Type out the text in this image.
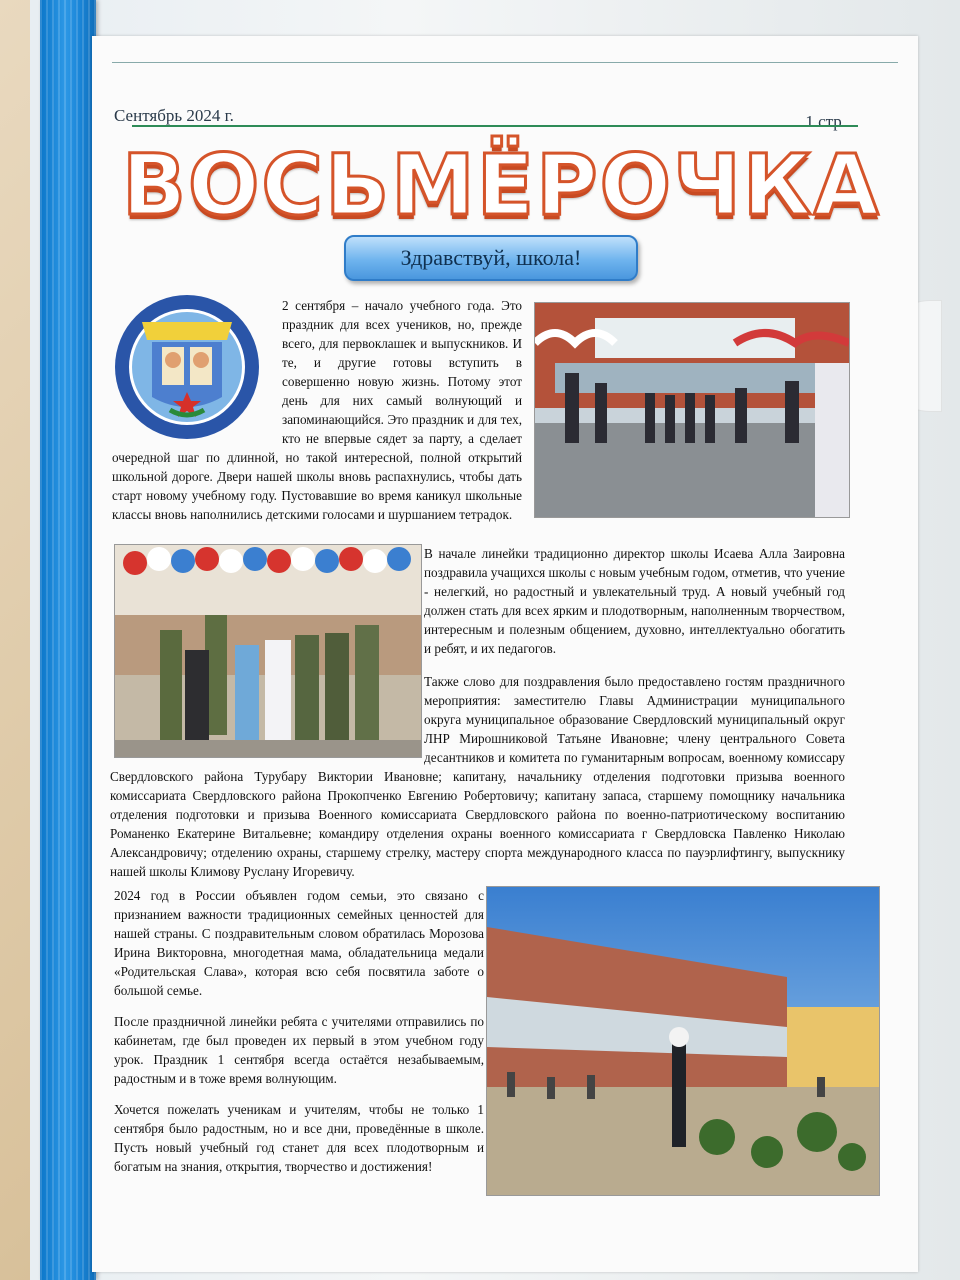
Сентябрь 2024 г.	1 стр.
ВОСЬМЁРОЧКА
Здравствуй, школа!

2 сентября – начало учебного года. Это праздник для всех учеников, но, прежде всего, для первоклашек и выпускников. И те, и другие готовы вступить в совершенно новую жизнь. Потому этот день для них самый волнующий и запоминающийся. Это праздник и для тех, кто не впервые сядет за парту, а сделает очередной шаг по длинной, но такой интересной, полной открытий школьной дороге. Двери нашей школы вновь распахнулись, чтобы дать старт новому учебному году. Пустовавшие во время каникул школьные классы вновь наполнились детскими голосами и шуршанием тетрадок.

В начале линейки традиционно директор школы Исаева Алла Заировна поздравила учащихся школы с новым учебным годом, отметив, что учение - нелегкий, но радостный и увлекательный труд. А новый учебный год должен стать для всех ярким и плодотворным, наполненным творчеством, интересным и полезным общением, духовно, интеллектуально обогатить и ребят, и их педагогов.

Также слово для поздравления было предоставлено гостям праздничного мероприятия: заместителю Главы Администрации муниципального округа муниципальное образование Свердловский муниципальный округ ЛНР Мирошниковой Татьяне Ивановне; члену центрального Совета десантников и комитета по гуманитарным вопросам, военному комиссару Свердловского района Турубару Виктории Ивановне; капитану, начальнику отделения подготовки призыва военного комиссариата Свердловского района Прокопченко Евгению Робертовичу; капитану запаса, старшему помощнику начальника отделения подготовки и призыва Военного комиссариата Свердловского района по военно-патриотическому воспитанию Романенко Екатерине Витальевне; командиру отделения охраны военного комиссариата г Свердловска Павленко Николаю Александровичу; отделению охраны, старшему стрелку, мастеру спорта международного класса по пауэрлифтингу, выпускнику нашей школы Климову Руслану Игоревичу.

2024 год в России объявлен годом семьи, это связано с признанием важности традиционных семейных ценностей для нашей страны. С поздравительным словом обратилась Морозова Ирина Викторовна, многодетная мама, обладательница медали «Родительская Слава», которая всю себя посвятила заботе о большой семье.

После праздничной линейки ребята с учителями отправились по кабинетам, где был проведен их первый в этом учебном году урок. Праздник 1 сентября всегда остаётся незабываемым, радостным и в тоже время волнующим.

Хочется пожелать ученикам и учителям, чтобы не только 1 сентября было радостным, но и все дни, проведённые в школе. Пусть новый учебный год станет для всех плодотворным и богатым на знания, открытия, творчество и достижения!
